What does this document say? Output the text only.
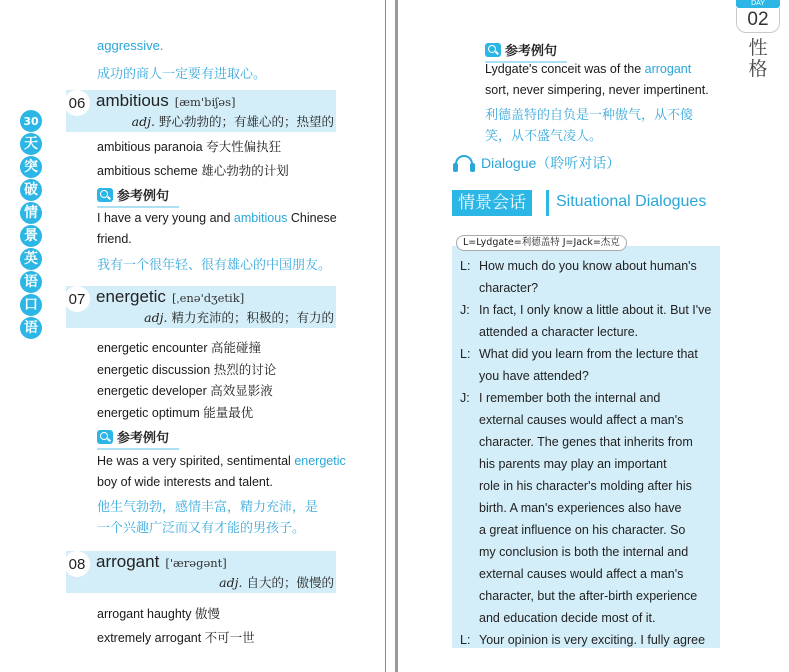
30
天
突
破
情
景
英
语
口
语
aggressive.
成功的商人一定要有进取心。
06 ambitious [æm'biʃəs]
adj. 野心勃勃的；有雄心的；热望的
ambitious paranoia 夸大性偏执狂
ambitious scheme 雄心勃勃的计划
参考例句
I have a very young and ambitious Chinese
friend.
我有一个很年轻、很有雄心的中国朋友。
07 energetic [ˌenə'dʒetik]
adj. 精力充沛的；积极的；有力的
energetic encounter 高能碰撞
energetic discussion 热烈的讨论
energetic developer 高效显影液
energetic optimum 能量最优
参考例句
He was a very spirited, sentimental energetic
boy of wide interests and talent.
他生气勃勃，感情丰富，精力充沛，是
一个兴趣广泛而又有才能的男孩子。
08 arrogant ['ærəgənt]
adj. 自大的；傲慢的
arrogant haughty 傲慢
extremely arrogant 不可一世
DAY
02
性
格
参考例句
Lydgate's conceit was of the arrogant
sort, never simpering, never impertinent.
利德盖特的自负是一种傲气，从不傻
笑，从不盛气凌人。
Dialogue（聆听对话）
情景会话	Situational Dialogues
L=Lydgate=利德盖特 J=Jack=杰克
L: How much do you know about human's
character?
J: In fact, I only know a little about it. But I've
attended a character lecture.
L: What did you learn from the lecture that
you have attended?
J: I remember both the internal and
external causes would affect a man's
character. The genes that inherits from
his parents may play an important
role in his character's molding after his
birth. A man's experiences also have
a great influence on his character. So
my conclusion is both the internal and
external causes would affect a man's
character, but the after-birth experience
and education decide most of it.
L: Your opinion is very exciting. I fully agree
